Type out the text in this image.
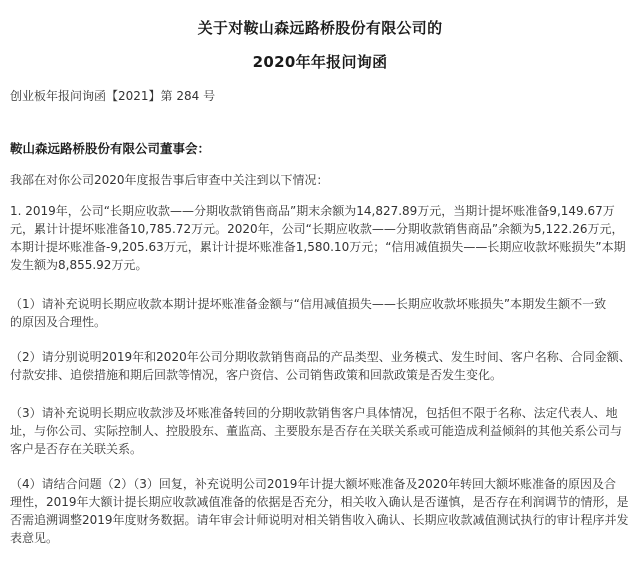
关于对鞍山森远路桥股份有限公司的
2020年年报问询函
创业板年报问询函【2021】第 284 号
鞍山森远路桥股份有限公司董事会：
我部在对你公司2020年度报告事后审查中关注到以下情况：
1. 2019年，公司“长期应收款——分期收款销售商品”期末余额为14,827.89万元，当期计提坏账准备9,149.67万
元，累计计提坏账准备10,785.72万元。2020年，公司“长期应收款——分期收款销售商品”余额为5,122.26万元，
本期计提坏账准备-9,205.63万元，累计计提坏账准备1,580.10万元；“信用减值损失——长期应收款坏账损失”本期
发生额为8,855.92万元。
（1）请补充说明长期应收款本期计提坏账准备金额与“信用减值损失——长期应收款坏账损失”本期发生额不一致
的原因及合理性。
（2）请分别说明2019年和2020年公司分期收款销售商品的产品类型、业务模式、发生时间、客户名称、合同金额、
付款安排、追偿措施和期后回款等情况，客户资信、公司销售政策和回款政策是否发生变化。
（3）请补充说明长期应收款涉及坏账准备转回的分期收款销售客户具体情况，包括但不限于名称、法定代表人、地
址，与你公司、实际控制人、控股股东、董监高、主要股东是否存在关联关系或可能造成利益倾斜的其他关系公司与
客户是否存在关联关系。
（4）请结合问题（2）（3）回复，补充说明公司2019年计提大额坏账准备及2020年转回大额坏账准备的原因及合
理性，2019年大额计提长期应收款减值准备的依据是否充分，相关收入确认是否谨慎，是否存在利润调节的情形，是
否需追溯调整2019年度财务数据。请年审会计师说明对相关销售收入确认、长期应收款减值测试执行的审计程序并发
表意见。
